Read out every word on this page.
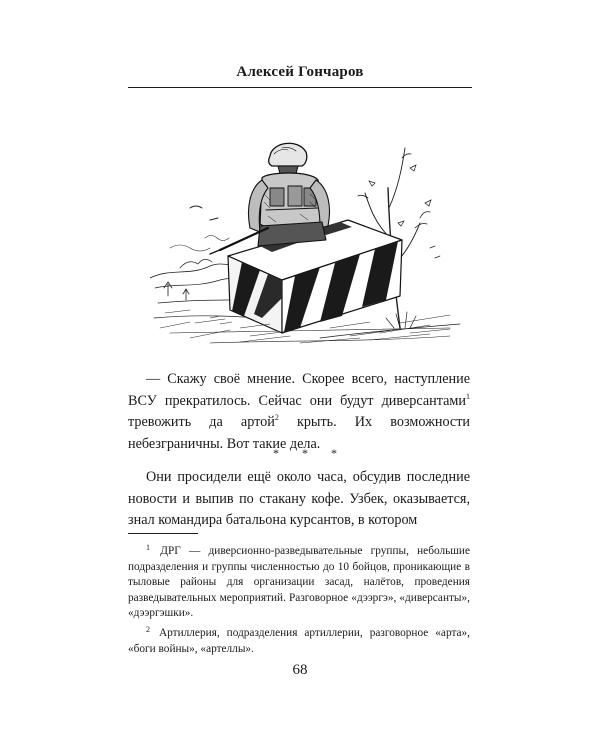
Алексей Гончаров

— Скажу своё мнение. Скорее всего, наступление ВСУ прекратилось. Сейчас они будут диверсантами$^1$ тревожить да артой$^2$ крыть. Их возможности небезграничны. Вот такие дела.

* * *

Они просидели ещё около часа, обсудив последние новости и выпив по стакану кофе. Узбек, оказывается, знал командира батальона курсантов, в котором

$^1$ ДРГ — диверсионно-разведывательные группы, небольшие подразделения и группы численностью до 10 бойцов, проникающие в тыловые районы для организации засад, налётов, проведения разведывательных мероприятий. Разговорное «дээргэ», «диверсанты», «дээргэшки».

$^2$ Артиллерия, подразделения артиллерии, разговорное «арта», «боги войны», «артеллы».

68
